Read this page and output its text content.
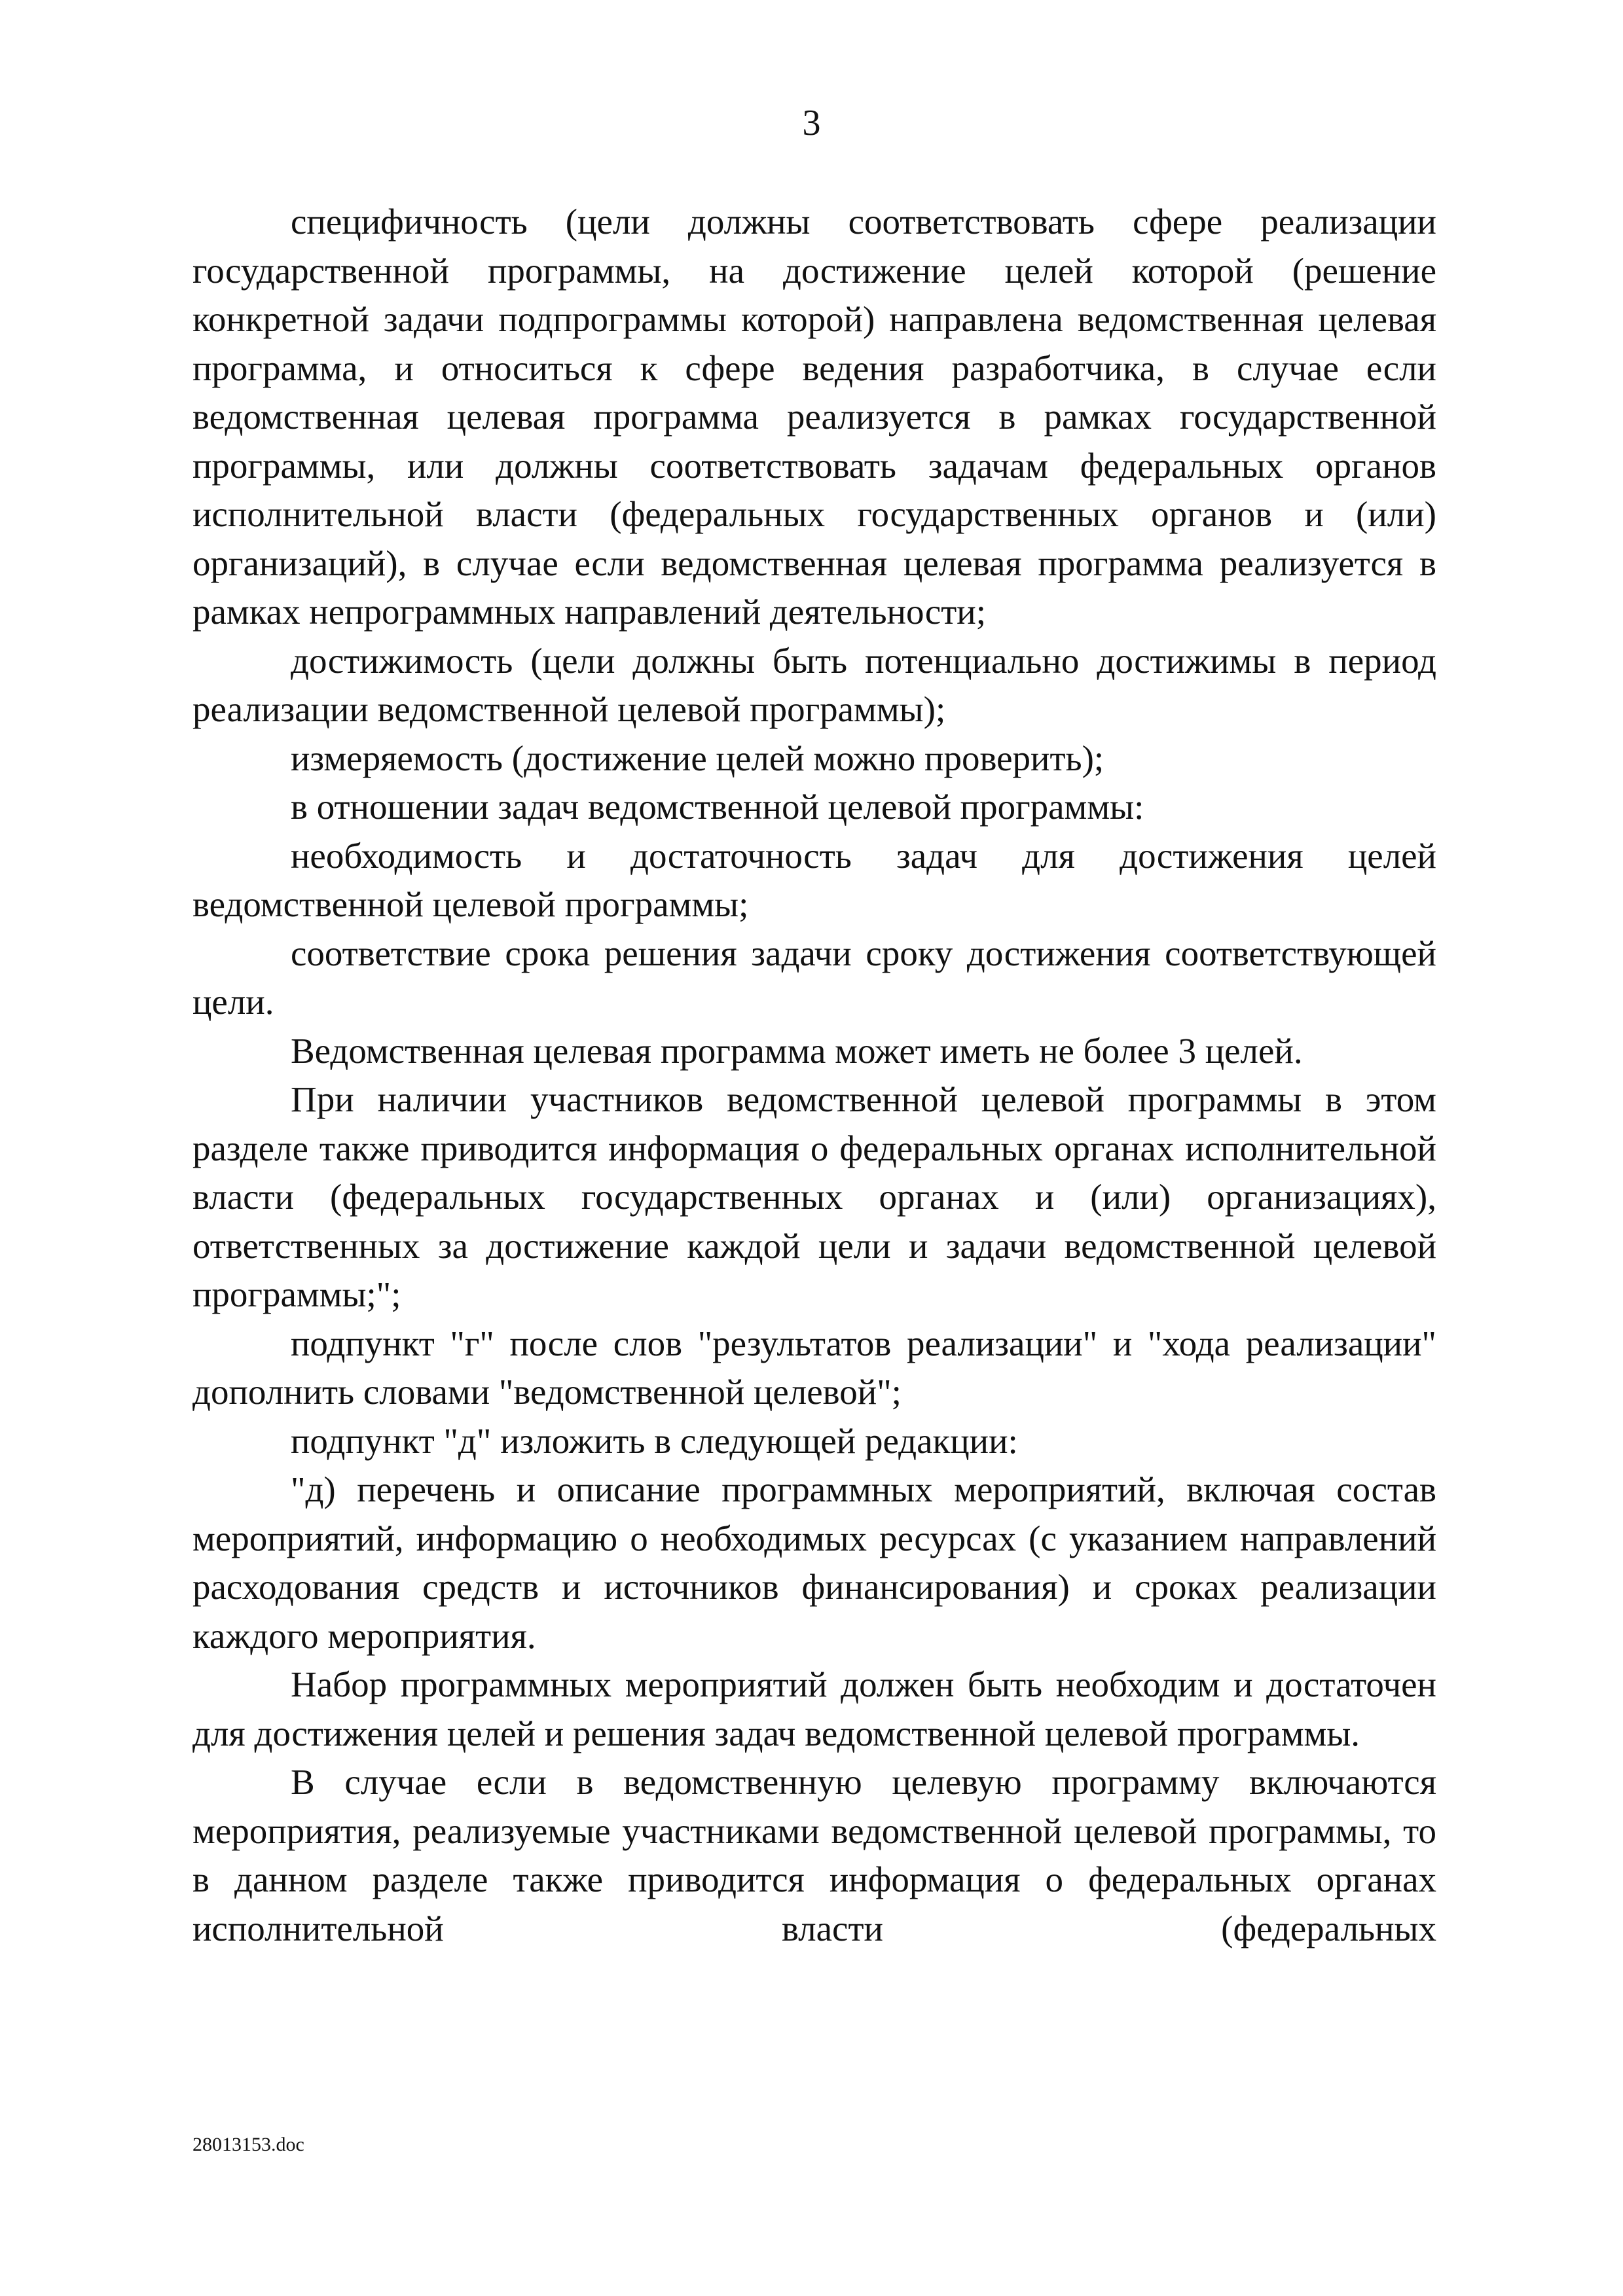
3

специфичность (цели должны соответствовать сфере реализации государственной программы, на достижение целей которой (решение конкретной задачи подпрограммы которой) направлена ведомственная целевая программа, и относиться к сфере ведения разработчика, в случае если ведомственная целевая программа реализуется в рамках государственной программы, или должны соответствовать задачам федеральных органов исполнительной власти (федеральных государственных органов и (или) организаций), в случае если ведомственная целевая программа реализуется в рамках непрограммных направлений деятельности;

достижимость (цели должны быть потенциально достижимы в период реализации ведомственной целевой программы);

измеряемость (достижение целей можно проверить);

в отношении задач ведомственной целевой программы:

необходимость и достаточность задач для достижения целей ведомственной целевой программы;

соответствие срока решения задачи сроку достижения соответствующей цели.

Ведомственная целевая программа может иметь не более 3 целей.

При наличии участников ведомственной целевой программы в этом разделе также приводится информация о федеральных органах исполнительной власти (федеральных государственных органах и (или) организациях), ответственных за достижение каждой цели и задачи ведомственной целевой программы;";

подпункт "г" после слов "результатов реализации" и "хода реализации" дополнить словами "ведомственной целевой";

подпункт "д" изложить в следующей редакции:

"д) перечень и описание программных мероприятий, включая состав мероприятий, информацию о необходимых ресурсах (с указанием направлений расходования средств и источников финансирования) и сроках реализации каждого мероприятия.

Набор программных мероприятий должен быть необходим и достаточен для достижения целей и решения задач ведомственной целевой программы.

В случае если в ведомственную целевую программу включаются мероприятия, реализуемые участниками ведомственной целевой программы, то в данном разделе также приводится информация о федеральных органах исполнительной власти (федеральных

28013153.doc
